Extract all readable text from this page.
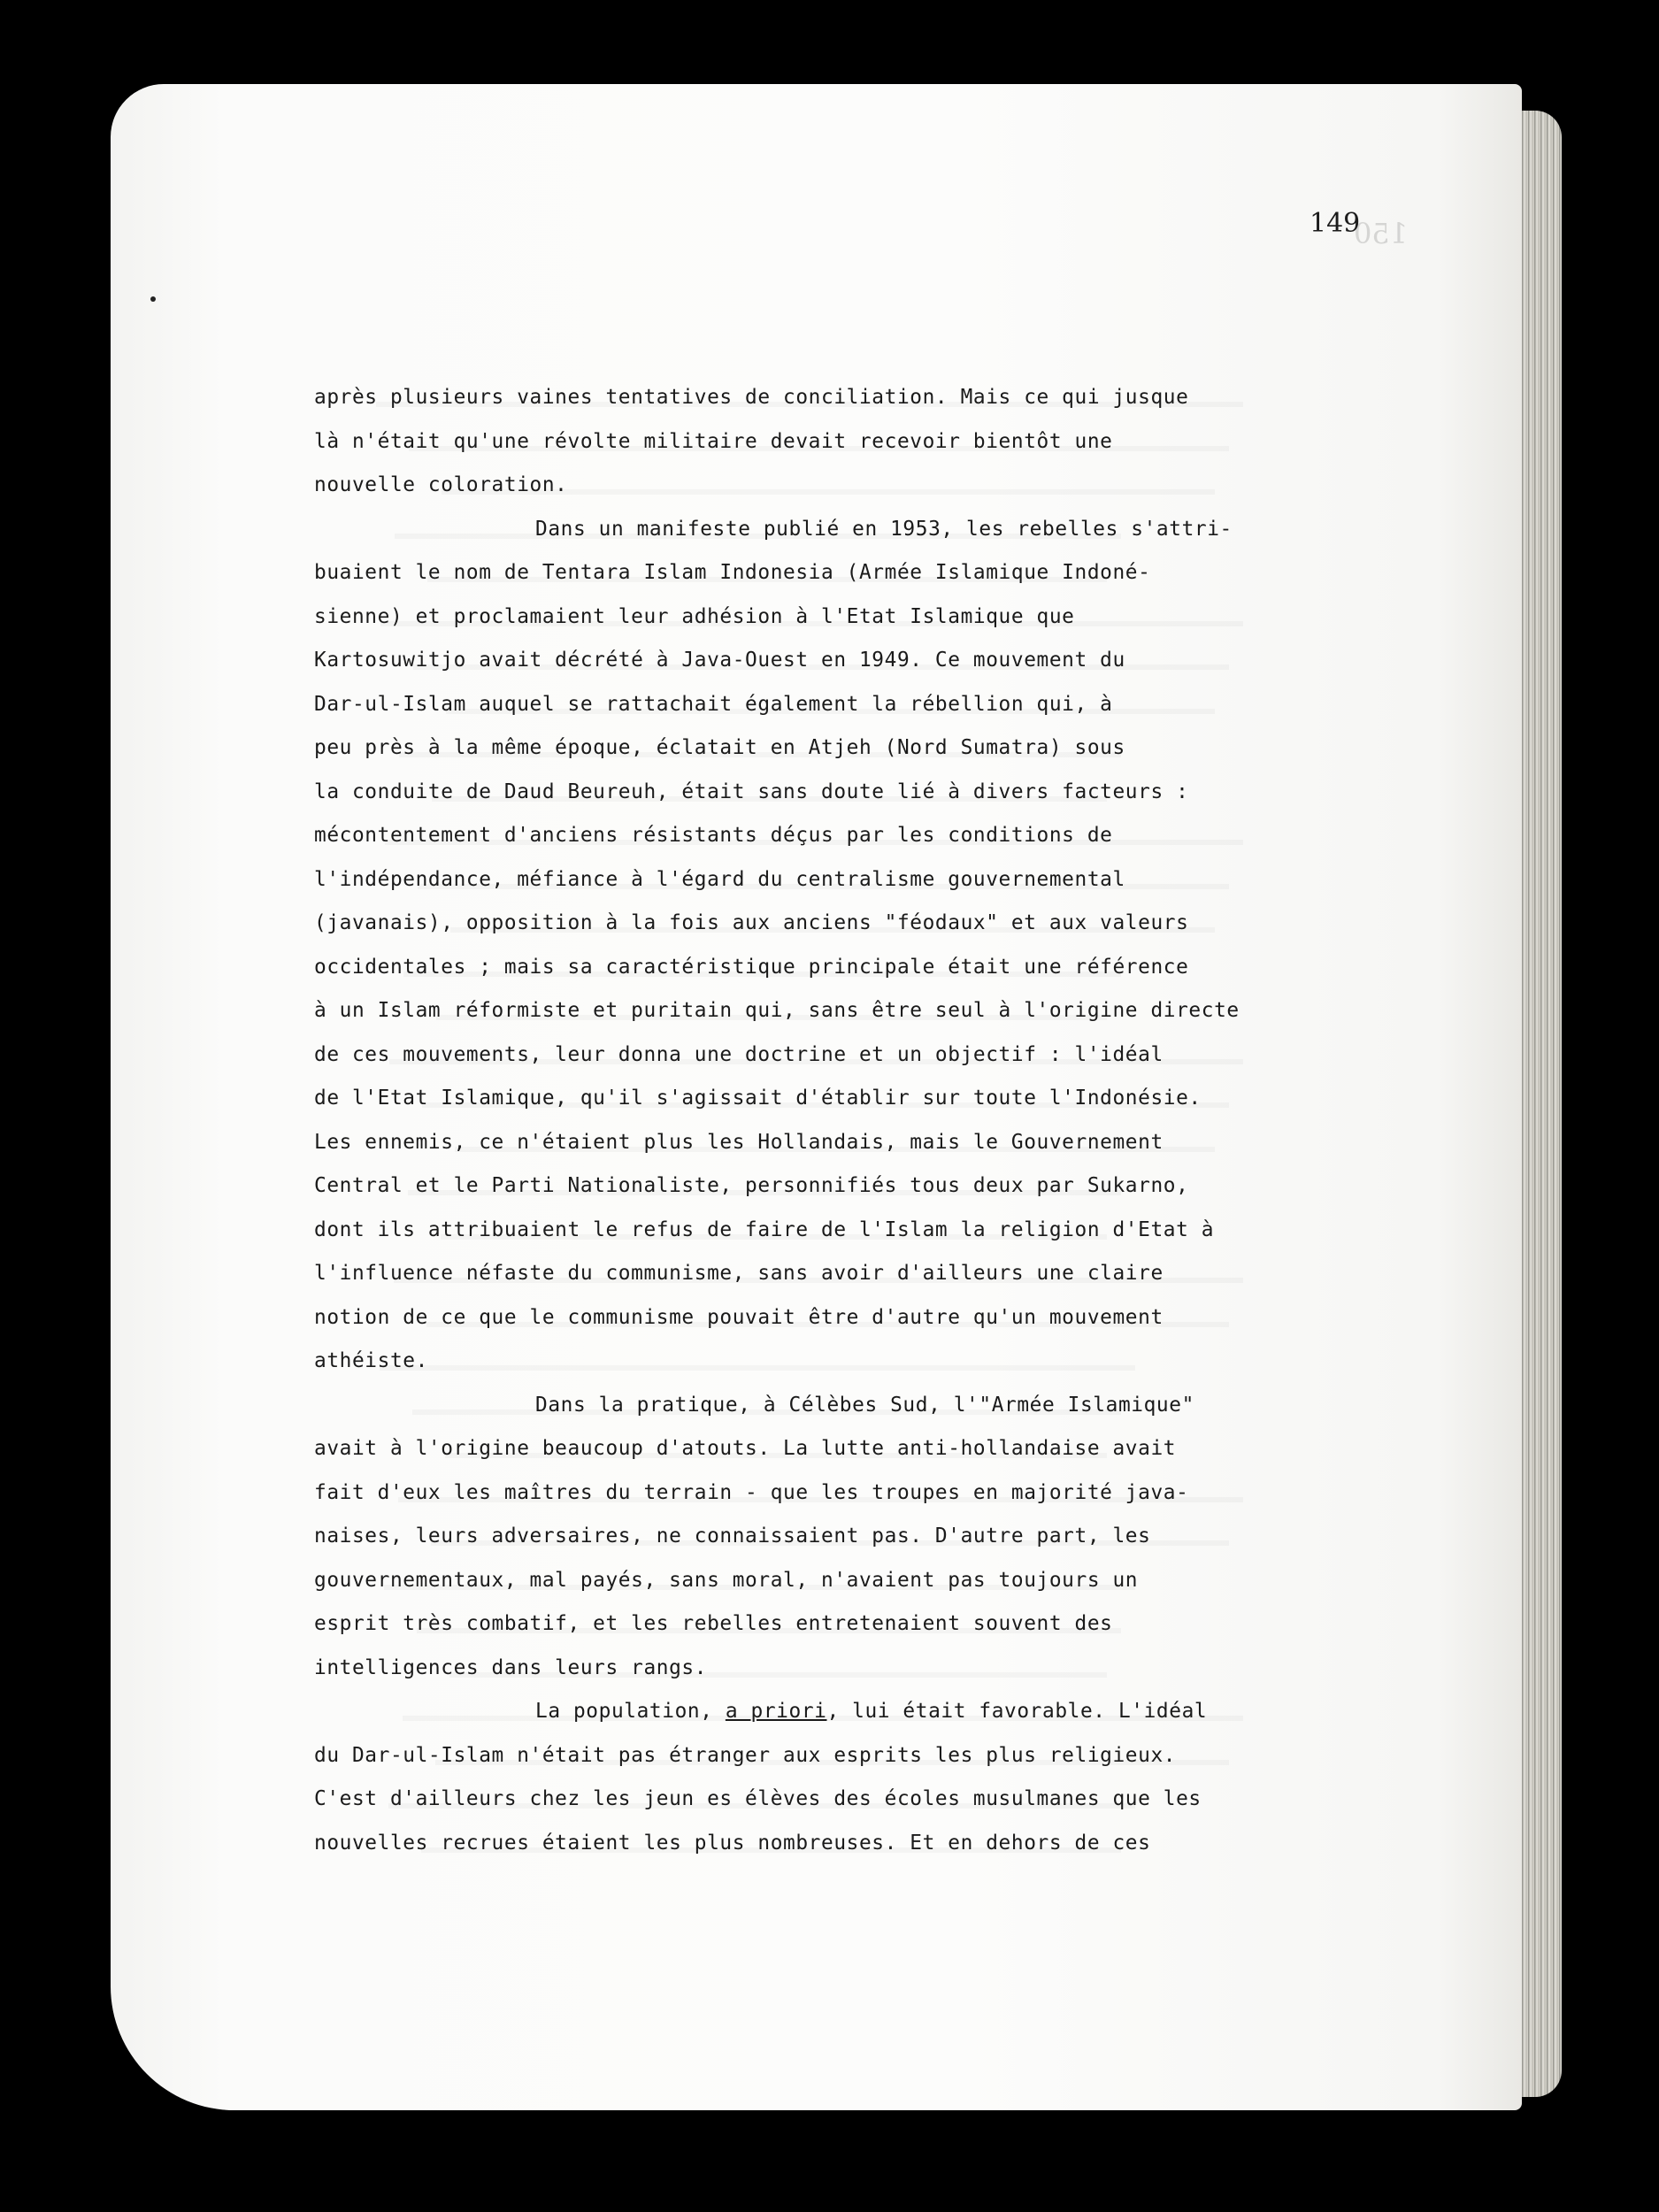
149
150
après plusieurs vaines tentatives de conciliation. Mais ce qui jusque
là n'était qu'une révolte militaire devait recevoir bientôt une
nouvelle coloration.
Dans un manifeste publié en 1953, les rebelles s'attri-
buaient le nom de Tentara Islam Indonesia (Armée Islamique Indoné-
sienne) et proclamaient leur adhésion à l'Etat Islamique que
Kartosuwitjo avait décrété à Java-Ouest en 1949. Ce mouvement du
Dar-ul-Islam auquel se rattachait également la rébellion qui, à
peu près à la même époque, éclatait en Atjeh (Nord Sumatra) sous
la conduite de Daud Beureuh, était sans doute lié à divers facteurs :
mécontentement d'anciens résistants déçus par les conditions de
l'indépendance, méfiance à l'égard du centralisme gouvernemental
(javanais), opposition à la fois aux anciens "féodaux" et aux valeurs
occidentales ; mais sa caractéristique principale était une référence
à un Islam réformiste et puritain qui, sans être seul à l'origine directe
de ces mouvements, leur donna une doctrine et un objectif : l'idéal
de l'Etat Islamique, qu'il s'agissait d'établir sur toute l'Indonésie.
Les ennemis, ce n'étaient plus les Hollandais, mais le Gouvernement
Central et le Parti Nationaliste, personnifiés tous deux par Sukarno,
dont ils attribuaient le refus de faire de l'Islam la religion d'Etat à
l'influence néfaste du communisme, sans avoir d'ailleurs une claire
notion de ce que le communisme pouvait être d'autre qu'un mouvement
athéiste.
Dans la pratique, à Célèbes Sud, l'"Armée Islamique"
avait à l'origine beaucoup d'atouts. La lutte anti-hollandaise avait
fait d'eux les maîtres du terrain - que les troupes en majorité java-
naises, leurs adversaires, ne connaissaient pas. D'autre part, les
gouvernementaux, mal payés, sans moral, n'avaient pas toujours un
esprit très combatif, et les rebelles entretenaient souvent des
intelligences dans leurs rangs.
La population, a priori, lui était favorable. L'idéal
du Dar-ul-Islam n'était pas étranger aux esprits les plus religieux.
C'est d'ailleurs chez les jeun es élèves des écoles musulmanes que les
nouvelles recrues étaient les plus nombreuses. Et en dehors de ces
